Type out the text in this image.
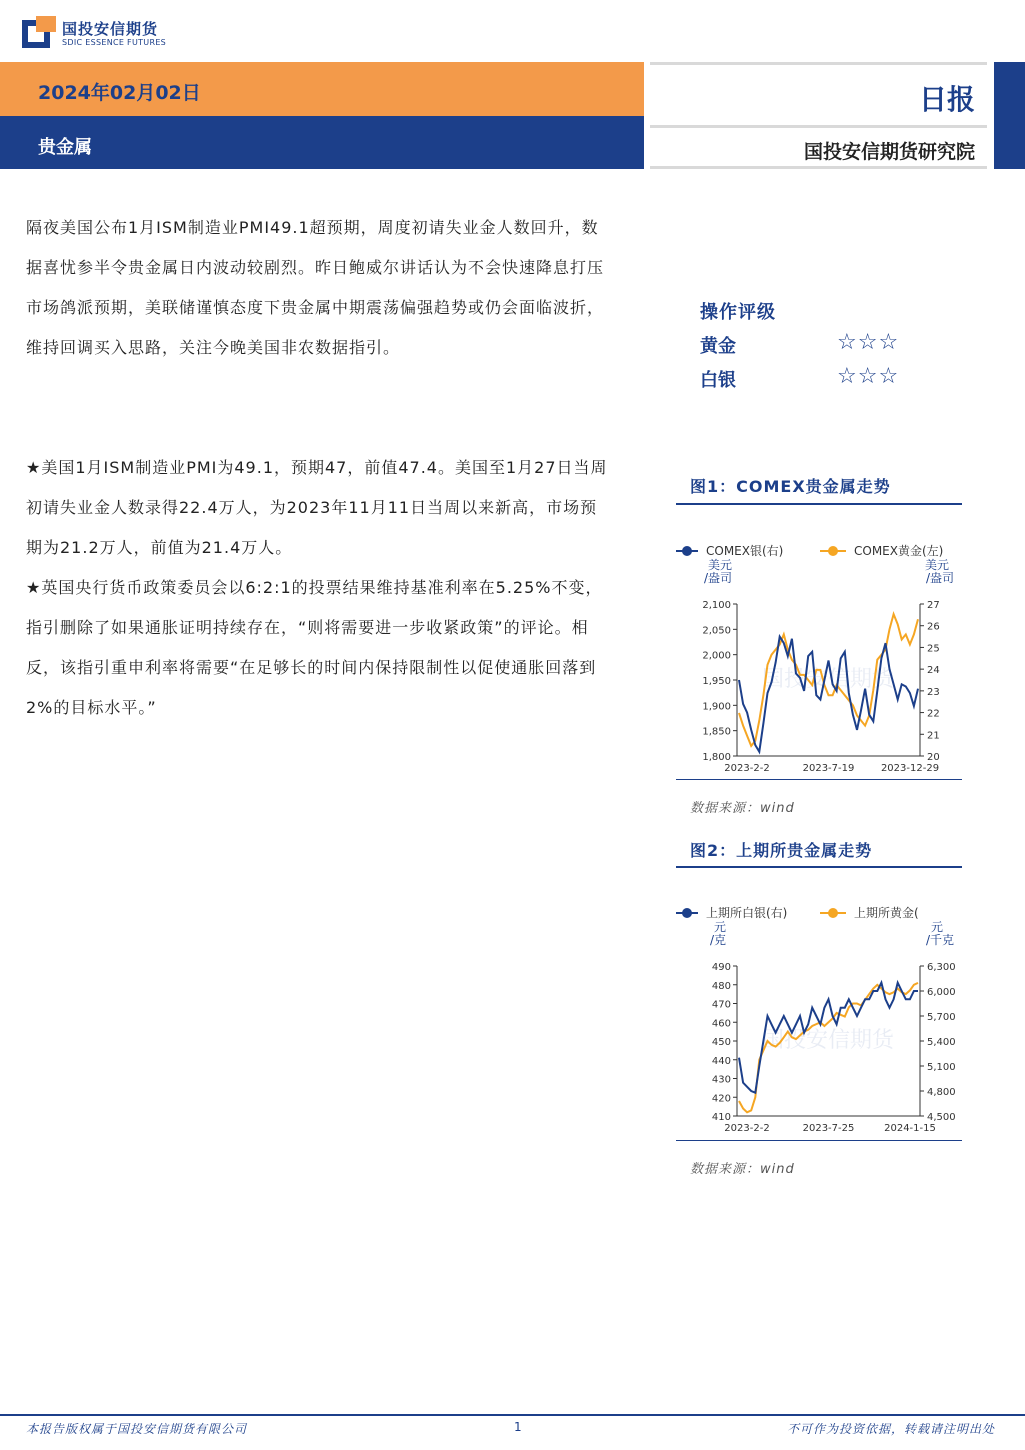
国投安信期货
SDIC ESSENCE FUTURES
2024年02月02日
贵金属
日报
国投安信期货研究院

隔夜美国公布1月ISM制造业PMI49.1超预期，周度初请失业金人数回升，数据喜忧参半令贵金属日内波动较剧烈。昨日鲍威尔讲话认为不会快速降息打压市场鸽派预期，美联储谨慎态度下贵金属中期震荡偏强趋势或仍会面临波折，维持回调买入思路，关注今晚美国非农数据指引。

★美国1月ISM制造业PMI为49.1，预期47，前值47.4。美国至1月27日当周初请失业金人数录得22.4万人，为2023年11月11日当周以来新高，市场预期为21.2万人，前值为21.4万人。

★英国央行货币政策委员会以6:2:1的投票结果维持基准利率在5.25%不变，指引删除了如果通胀证明持续存在，“则将需要进一步收紧政策”的评论。相反，该指引重申利率将需要“在足够长的时间内保持限制性以促使通胀回落到2%的目标水平。”

操作评级
黄金	☆☆☆
白银	☆☆☆
图1：COMEX贵金属走势
COMEX银(右)	COMEX黄金(左)
美元
/盎司
美元
/盎司
国投安信期货
2,100
2,050
2,000
1,950
1,900
1,850
1,800
27
26
25
24
23
22
21
20
2023-2-2	2023-7-19	2023-12-29
数据来源：wind
图2：上期所贵金属走势
上期所白银(右)	上期所黄金(
元
/克
元
/千克
国投安信期货
490
480
470
460
450
440
430
420
410
6,300
6,000
5,700
5,400
5,100
4,800
4,500
2023-2-2	2023-7-25	2024-1-15
数据来源：wind
本报告版权属于国投安信期货有限公司	1	不可作为投资依据，转载请注明出处
